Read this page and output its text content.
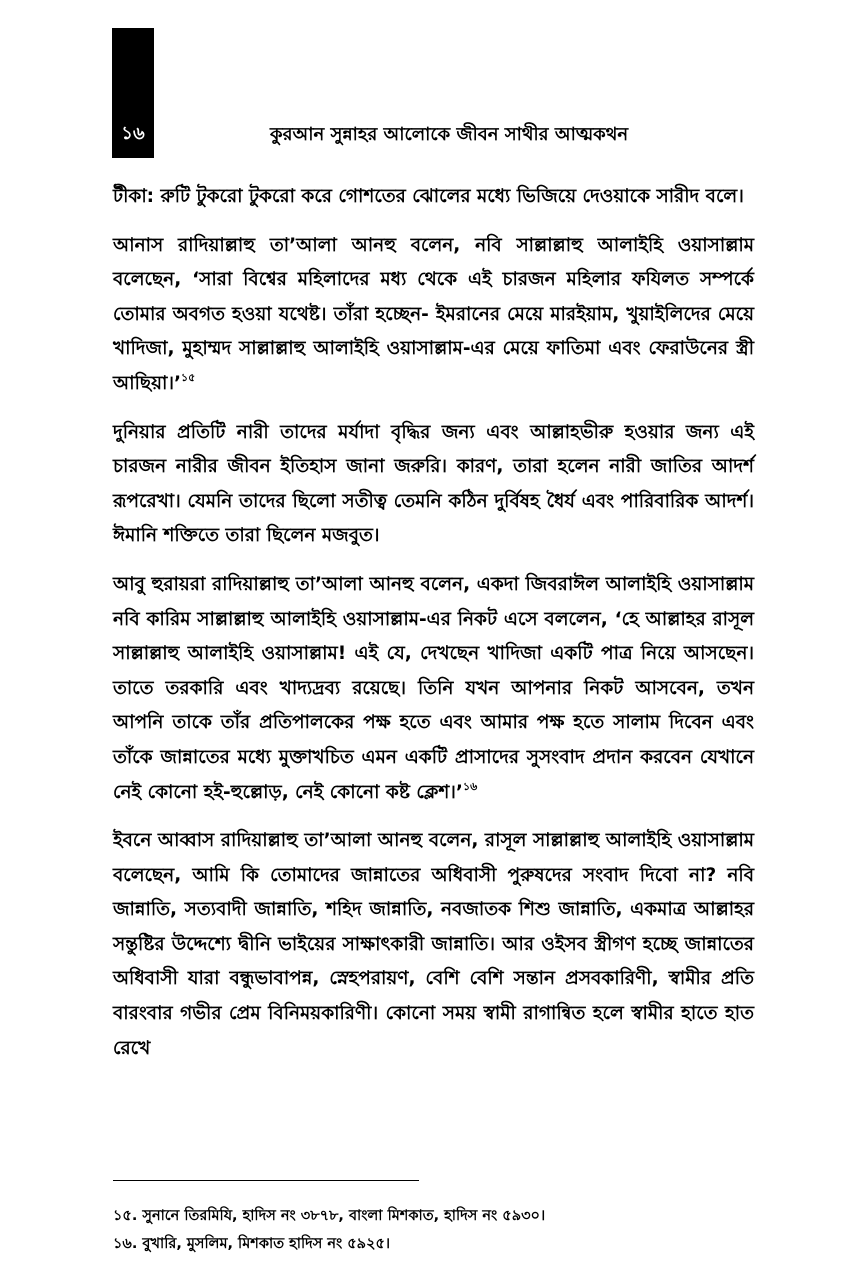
১৬	কুরআন সুন্নাহর আলোকে জীবন সাথীর আত্মকথন

টীকা: রুটি টুকরো টুকরো করে গোশতের ঝোলের মধ্যে ভিজিয়ে দেওয়াকে সারীদ বলে।

আনাস রাদিয়াল্লাহু তা’আলা আনহু বলেন, নবি সাল্লাল্লাহু আলাইহি ওয়াসাল্লাম বলেছেন, ‘সারা বিশ্বের মহিলাদের মধ্য থেকে এই চারজন মহিলার ফযিলত সম্পর্কে তোমার অবগত হওয়া যথেষ্ট। তাঁরা হচ্ছেন- ইমরানের মেয়ে মারইয়াম, খুয়াইলিদের মেয়ে খাদিজা, মুহাম্মদ সাল্লাল্লাহু আলাইহি ওয়াসাল্লাম-এর মেয়ে ফাতিমা এবং ফেরাউনের স্ত্রী আছিয়া।’$^{১৫}$

দুনিয়ার প্রতিটি নারী তাদের মর্যাদা বৃদ্ধির জন্য এবং আল্লাহভীরু হওয়ার জন্য এই চারজন নারীর জীবন ইতিহাস জানা জরুরি। কারণ, তারা হলেন নারী জাতির আদর্শ রূপরেখা। যেমনি তাদের ছিলো সতীত্ব তেমনি কঠিন দুর্বিষহ ধৈর্য এবং পারিবারিক আদর্শ। ঈমানি শক্তিতে তারা ছিলেন মজবুত।

আবু হুরায়রা রাদিয়াল্লাহু তা’আলা আনহু বলেন, একদা জিবরাঈল আলাইহি ওয়াসাল্লাম নবি কারিম সাল্লাল্লাহু আলাইহি ওয়াসাল্লাম-এর নিকট এসে বললেন, ‘হে আল্লাহর রাসূল সাল্লাল্লাহু আলাইহি ওয়াসাল্লাম! এই যে, দেখছেন খাদিজা একটি পাত্র নিয়ে আসছেন। তাতে তরকারি এবং খাদ্যদ্রব্য রয়েছে। তিনি যখন আপনার নিকট আসবেন, তখন আপনি তাকে তাঁর প্রতিপালকের পক্ষ হতে এবং আমার পক্ষ হতে সালাম দিবেন এবং তাঁকে জান্নাতের মধ্যে মুক্তাখচিত এমন একটি প্রাসাদের সুসংবাদ প্রদান করবেন যেখানে নেই কোনো হই-হুল্লোড়, নেই কোনো কষ্ট ক্লেশ।’$^{১৬}$

ইবনে আব্বাস রাদিয়াল্লাহু তা’আলা আনহু বলেন, রাসূল সাল্লাল্লাহু আলাইহি ওয়াসাল্লাম বলেছেন, আমি কি তোমাদের জান্নাতের অধিবাসী পুরুষদের সংবাদ দিবো না? নবি জান্নাতি, সত্যবাদী জান্নাতি, শহিদ জান্নাতি, নবজাতক শিশু জান্নাতি, একমাত্র আল্লাহর সন্তুষ্টির উদ্দেশ্যে দ্বীনি ভাইয়ের সাক্ষাৎকারী জান্নাতি। আর ওইসব স্ত্রীগণ হচ্ছে জান্নাতের অধিবাসী যারা বন্ধুভাবাপন্ন, স্নেহপরায়ণ, বেশি বেশি সন্তান প্রসবকারিণী, স্বামীর প্রতি বারংবার গভীর প্রেম বিনিময়কারিণী। কোনো সময় স্বামী রাগান্বিত হলে স্বামীর হাতে হাত রেখে

১৫. সুনানে তিরমিযি, হাদিস নং ৩৮৭৮, বাংলা মিশকাত, হাদিস নং ৫৯৩০।
১৬. বুখারি, মুসলিম, মিশকাত হাদিস নং ৫৯২৫।
